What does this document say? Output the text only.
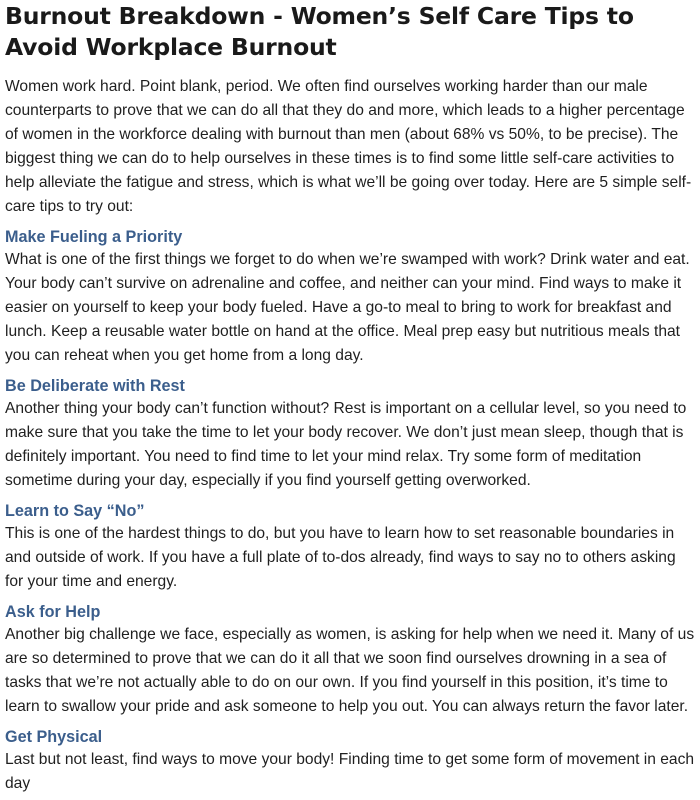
Burnout Breakdown - Women’s Self Care Tips to Avoid Workplace Burnout

Women work hard. Point blank, period. We often find ourselves working harder than our male counterparts to prove that we can do all that they do and more, which leads to a higher percentage of women in the workforce dealing with burnout than men (about 68% vs 50%, to be precise). The biggest thing we can do to help ourselves in these times is to find some little self-care activities to help alleviate the fatigue and stress, which is what we’ll be going over today. Here are 5 simple self-care tips to try out:

Make Fueling a Priority

What is one of the first things we forget to do when we’re swamped with work? Drink water and eat. Your body can’t survive on adrenaline and coffee, and neither can your mind. Find ways to make it easier on yourself to keep your body fueled. Have a go-to meal to bring to work for breakfast and lunch. Keep a reusable water bottle on hand at the office. Meal prep easy but nutritious meals that you can reheat when you get home from a long day.

Be Deliberate with Rest

Another thing your body can’t function without? Rest is important on a cellular level, so you need to make sure that you take the time to let your body recover. We don’t just mean sleep, though that is definitely important. You need to find time to let your mind relax. Try some form of meditation sometime during your day, especially if you find yourself getting overworked.

Learn to Say “No”

This is one of the hardest things to do, but you have to learn how to set reasonable boundaries in and outside of work. If you have a full plate of to-dos already, find ways to say no to others asking for your time and energy.

Ask for Help

Another big challenge we face, especially as women, is asking for help when we need it. Many of us are so determined to prove that we can do it all that we soon find ourselves drowning in a sea of tasks that we’re not actually able to do on our own. If you find yourself in this position, it’s time to learn to swallow your pride and ask someone to help you out. You can always return the favor later.

Get Physical

Last but not least, find ways to move your body! Finding time to get some form of movement in each day
